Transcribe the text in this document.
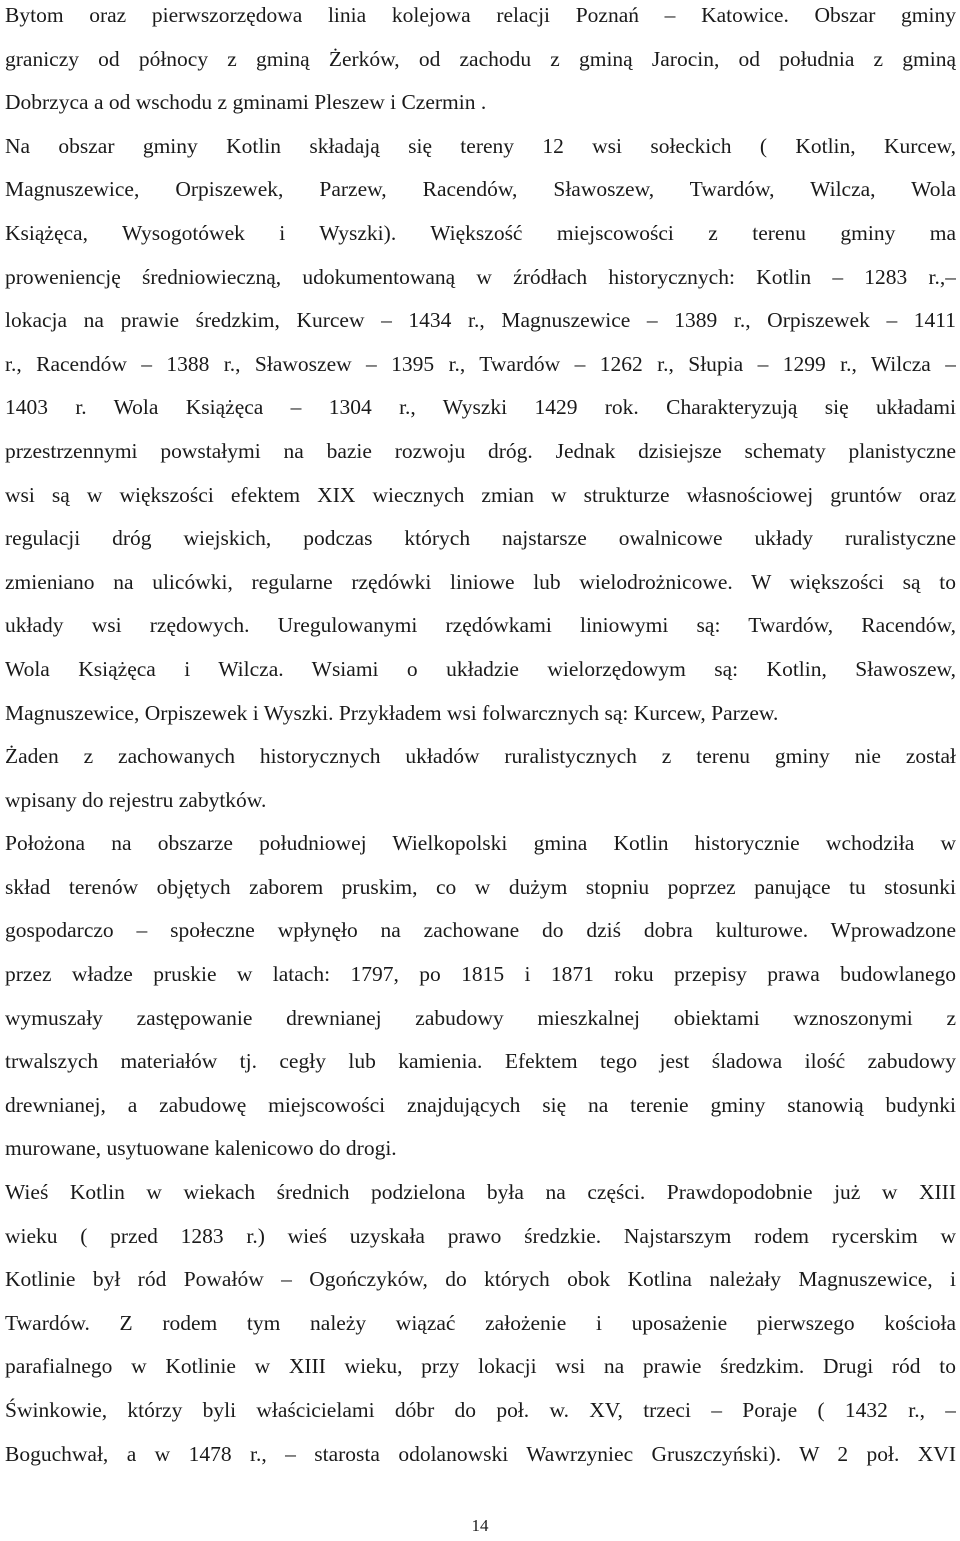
Bytom oraz pierwszorzędowa linia kolejowa relacji Poznań – Katowice. Obszar gminy
graniczy od północy z gminą Żerków, od zachodu z gminą Jarocin, od południa z gminą
Dobrzyca a od wschodu z gminami Pleszew i Czermin .
Na obszar gminy Kotlin składają się tereny 12 wsi sołeckich ( Kotlin, Kurcew,
Magnuszewice, Orpiszewek, Parzew, Racendów, Sławoszew, Twardów, Wilcza, Wola
Książęca, Wysogotówek i Wyszki). Większość miejscowości z terenu gminy ma
proweniencję średniowieczną, udokumentowaną w źródłach historycznych: Kotlin – 1283 r.,–
lokacja na prawie średzkim, Kurcew – 1434 r., Magnuszewice – 1389 r., Orpiszewek – 1411
r., Racendów – 1388 r., Sławoszew – 1395 r., Twardów – 1262 r., Słupia – 1299 r., Wilcza –
1403 r. Wola Książęca – 1304 r., Wyszki 1429 rok. Charakteryzują się układami
przestrzennymi powstałymi na bazie rozwoju dróg. Jednak dzisiejsze schematy planistyczne
wsi są w większości efektem XIX wiecznych zmian w strukturze własnościowej gruntów oraz
regulacji dróg wiejskich, podczas których najstarsze owalnicowe układy ruralistyczne
zmieniano na ulicówki, regularne rzędówki liniowe lub wielodrożnicowe. W większości są to
układy wsi rzędowych. Uregulowanymi rzędówkami liniowymi są: Twardów, Racendów,
Wola Książęca i Wilcza. Wsiami o układzie wielorzędowym są: Kotlin, Sławoszew,
Magnuszewice, Orpiszewek i Wyszki. Przykładem wsi folwarcznych są: Kurcew, Parzew.
Żaden z zachowanych historycznych układów ruralistycznych z terenu gminy nie został
wpisany do rejestru zabytków.
Położona na obszarze południowej Wielkopolski gmina Kotlin historycznie wchodziła w
skład terenów objętych zaborem pruskim, co w dużym stopniu poprzez panujące tu stosunki
gospodarczo – społeczne wpłynęło na zachowane do dziś dobra kulturowe. Wprowadzone
przez władze pruskie w latach: 1797, po 1815 i 1871 roku przepisy prawa budowlanego
wymuszały zastępowanie drewnianej zabudowy mieszkalnej obiektami wznoszonymi z
trwalszych materiałów tj. cegły lub kamienia. Efektem tego jest śladowa ilość zabudowy
drewnianej, a zabudowę miejscowości znajdujących się na terenie gminy stanowią budynki
murowane, usytuowane kalenicowo do drogi.
Wieś Kotlin w wiekach średnich podzielona była na części. Prawdopodobnie już w XIII
wieku ( przed 1283 r.) wieś uzyskała prawo średzkie. Najstarszym rodem rycerskim w
Kotlinie był ród Powałów – Ogończyków, do których obok Kotlina należały Magnuszewice, i
Twardów. Z rodem tym należy wiązać założenie i uposażenie pierwszego kościoła
parafialnego w Kotlinie w XIII wieku, przy lokacji wsi na prawie średzkim. Drugi ród to
Świnkowie, którzy byli właścicielami dóbr do poł. w. XV, trzeci – Poraje ( 1432 r., –
Boguchwał, a w 1478 r., – starosta odolanowski Wawrzyniec Gruszczyński). W 2 poł. XVI
14
